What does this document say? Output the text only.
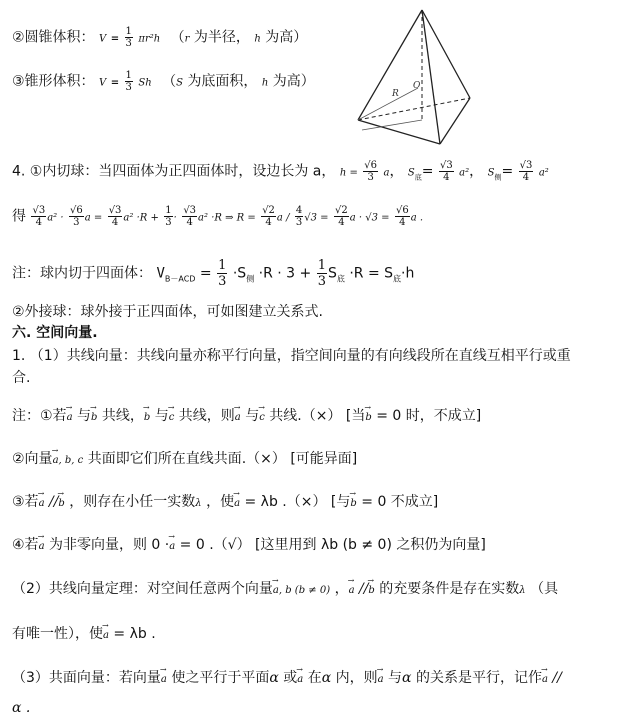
R
O
②圆锥体积： $V = \frac{1}{3} \pi r^2h$ （r 为半径， h 为高）
③锥形体积： $V = \frac{1}{3}$ Sh （S 为底面积， h 为高）
4. ①内切球：当四面体为正四面体时，设边长为 a， $h = \frac{√6}{3}$ a， $S_底= \frac{√3}{4} a^2$， $S_侧= \frac{√3}{4} a^2$
得 $\frac{√3}{4} a^2 \cdot \frac{√6}{3}$ $a = \frac{√3}{4} a^2 \cdot R + \frac{1}{3} \cdot \frac{√3}{4} a^2 \cdot R$ ⇒ $R = \frac{√2}{4}$ $a / \frac{4}{3} √3 = \frac{√2}{4}$ $a \cdot √3 = \frac{√6}{4}$ a .
注：球内切于四面体： $V_{B-ACD} = \frac{1}{3} \cdot S_侧 \cdot R \cdot 3 + \frac{1}{3} S_底 \cdot R = S_底\cdot h$
②外接球：球外接于正四面体，可如图建立关系式.
六. 空间向量.
1. （1）共线向量：共线向量亦称平行向量，指空间向量的有向线段所在直线互相平行或重
合.
注：①若→ a 与→ b 共线，→ b 与→ c 共线，则→ a 与→ c 共线.（×） [当→ b = 0 时，不成立]
②向量→ a, b, c 共面即它们所在直线共面.（×） [可能异面]
③若→ a //→ b ，则存在小任一实数λ ，使→ a = λb .（×） [与→ b = 0 不成立]
④若→ a 为非零向量，则 0 ·→ a = 0 .（√） [这里用到 λb (b ≠ 0) 之积仍为向量]
（2）共线向量定理：对空间任意两个向量→ a, b (b ≠ 0) ，→ a //→ b 的充要条件是存在实数λ （具
有唯一性），使→ a = λb .
（3）共面向量：若向量→ a 使之平行于平面α 或→ a 在α 内，则→ a 与α 的关系是平行，记作→ a //
α .
